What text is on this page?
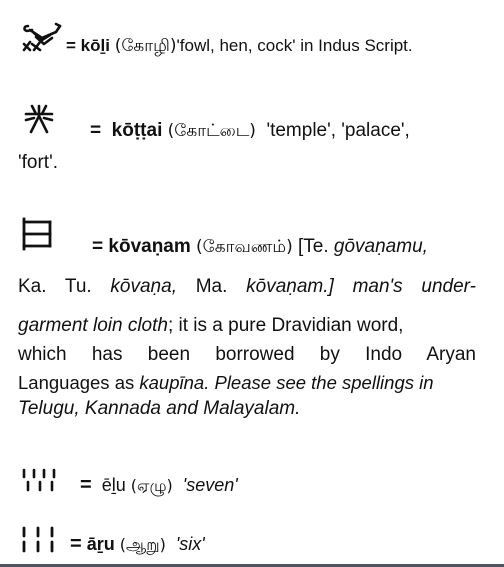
= kōḻi (கோழி)'fowl, hen, cock' in Indus Script.
= kōṭṭai (கோட்டை) 'temple', 'palace',
'fort'.
= kōvaṇam (கோவணம்) [Te. gōvaṇamu,
Ka. Tu. kōvaṇa, Ma. kōvaṇam.] man's under-
garment loin cloth; it is a pure Dravidian word,
which has been borrowed by Indo Aryan
Languages as kaupīna. Please see the spellings in
Telugu, Kannada and Malayalam.
= ēḻu (ஏழு) 'seven'
= āṟu (ஆறு) 'six'
